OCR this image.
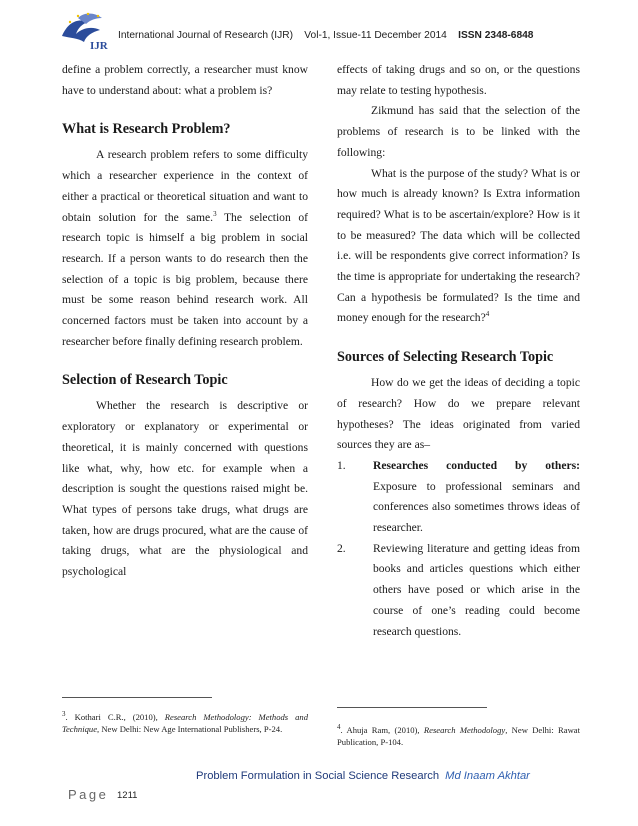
IJR
International Journal of Research (IJR) Vol-1, Issue-11 December 2014 ISSN 2348-6848

define a problem correctly, a researcher must know have to understand about: what a problem is?

What is Research Problem?

A research problem refers to some difficulty which a researcher experience in the context of either a practical or theoretical situation and want to obtain solution for the same.$^3$ The selection of research topic is himself a big problem in social research. If a person wants to do research then the selection of a topic is big problem, because there must be some reason behind research work. All concerned factors must be taken into account by a researcher before finally defining research problem.

Selection of Research Topic

Whether the research is descriptive or exploratory or explanatory or experimental or theoretical, it is mainly concerned with questions like what, why, how etc. for example when a description is sought the questions raised might be. What types of persons take drugs, what drugs are taken, how are drugs procured, what are the cause of taking drugs, what are the physiological and psychological

effects of taking drugs and so on, or the questions may relate to testing hypothesis.

Zikmund has said that the selection of the problems of research is to be linked with the following:

What is the purpose of the study? What is or how much is already known? Is Extra information required? What is to be ascertain/explore? How is it to be measured? The data which will be collected i.e. will be respondents give correct information? Is the time is appropriate for undertaking the research? Can a hypothesis be formulated? Is the time and money enough for the research?$^4$

Sources of Selecting Research Topic

How do we get the ideas of deciding a topic of research? How do we prepare relevant hypotheses? The ideas originated from varied sources they are as–

1. Researches conducted by others: Exposure to professional seminars and conferences also sometimes throws ideas of researcher.
2. Reviewing literature and getting ideas from books and articles questions which either others have posed or which arise in the course of one’s reading could become research questions.
$^3$. Kothari C.R., (2010), Research Methodology: Methods and Technique, New Delhi: New Age International Publishers, P-24.	$^4$. Ahuja Ram, (2010), Research Methodology, New Delhi: Rawat Publication, P-104.
Problem Formulation in Social Science Research Md Inaam Akhtar
Page 1211
